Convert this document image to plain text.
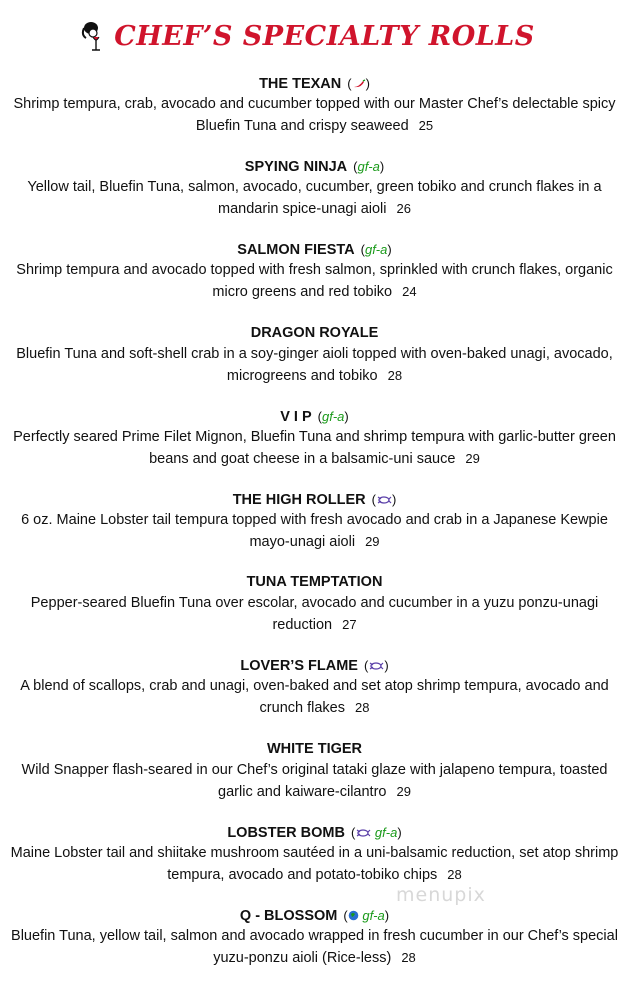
CHEF’S SPECIALTY ROLLS
THE TEXAN ( )
Shrimp tempura, crab, avocado and cucumber topped with our Master Chef’s delectable spicy Bluefin Tuna and crispy seaweed 25
SPYING NINJA (gf-a)
Yellow tail, Bluefin Tuna, salmon, avocado, cucumber, green tobiko and crunch flakes in a mandarin spice-unagi aioli 26
SALMON FIESTA (gf-a)
Shrimp tempura and avocado topped with fresh salmon, sprinkled with crunch flakes, organic micro greens and red tobiko 24
DRAGON ROYALE
Bluefin Tuna and soft-shell crab in a soy-ginger aioli topped with oven-baked unagi, avocado, microgreens and tobiko 28
V I P (gf-a)
Perfectly seared Prime Filet Mignon, Bluefin Tuna and shrimp tempura with garlic-butter green beans and goat cheese in a balsamic-uni sauce 29
THE HIGH ROLLER ( )
6 oz. Maine Lobster tail tempura topped with fresh avocado and crab in a Japanese Kewpie mayo-unagi aioli 29
TUNA TEMPTATION
Pepper-seared Bluefin Tuna over escolar, avocado and cucumber in a yuzu ponzu-unagi reduction 27
LOVER’S FLAME ( )
A blend of scallops, crab and unagi, oven-baked and set atop shrimp tempura, avocado and crunch flakes 28
WHITE TIGER
Wild Snapper flash-seared in our Chef’s original tataki glaze with jalapeno tempura, toasted garlic and kaiware-cilantro 29
LOBSTER BOMB ( gf-a)
Maine Lobster tail and shiitake mushroom sautéed in a uni-balsamic reduction, set atop shrimp tempura, avocado and potato-tobiko chips 28
Q - BLOSSOM ( gf-a)
Bluefin Tuna, yellow tail, salmon and avocado wrapped in fresh cucumber in our Chef’s special yuzu-ponzu aioli (Rice-less) 28
menupix
